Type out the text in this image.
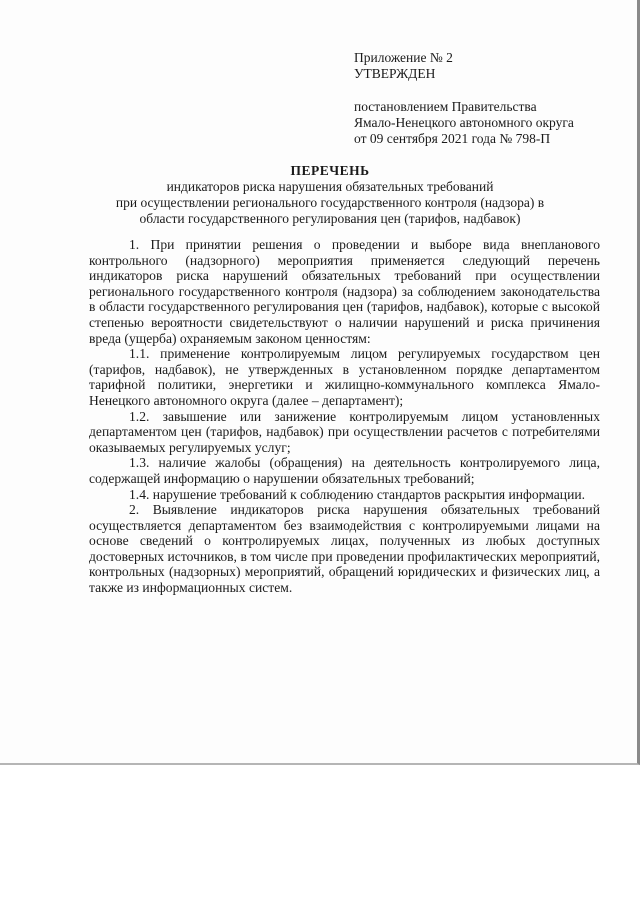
Приложение № 2
УТВЕРЖДЕН
постановлением Правительства
Ямало-Ненецкого автономного округа
от 09 сентября 2021 года № 798-П
ПЕРЕЧЕНЬ
индикаторов риска нарушения обязательных требований
при осуществлении регионального государственного контроля (надзора) в
области государственного регулирования цен (тарифов, надбавок)

1. При принятии решения о проведении и выборе вида внепланового контрольного (надзорного) мероприятия применяется следующий перечень индикаторов риска нарушений обязательных требований при осуществлении регионального государственного контроля (надзора) за соблюдением законодательства в области государственного регулирования цен (тарифов, надбавок), которые с высокой степенью вероятности свидетельствуют о наличии нарушений и риска причинения вреда (ущерба) охраняемым законом ценностям:

1.1. применение контролируемым лицом регулируемых государством цен (тарифов, надбавок), не утвержденных в установленном порядке департаментом тарифной политики, энергетики и жилищно-коммунального комплекса Ямало-Ненецкого автономного округа (далее – департамент);

1.2. завышение или занижение контролируемым лицом установленных департаментом цен (тарифов, надбавок) при осуществлении расчетов с потребителями оказываемых регулируемых услуг;

1.3. наличие жалобы (обращения) на деятельность контролируемого лица, содержащей информацию о нарушении обязательных требований;

1.4. нарушение требований к соблюдению стандартов раскрытия информации.

2. Выявление индикаторов риска нарушения обязательных требований осуществляется департаментом без взаимодействия с контролируемыми лицами на основе сведений о контролируемых лицах, полученных из любых доступных достоверных источников, в том числе при проведении профилактических мероприятий, контрольных (надзорных) мероприятий, обращений юридических и физических лиц, а также из информационных систем.
